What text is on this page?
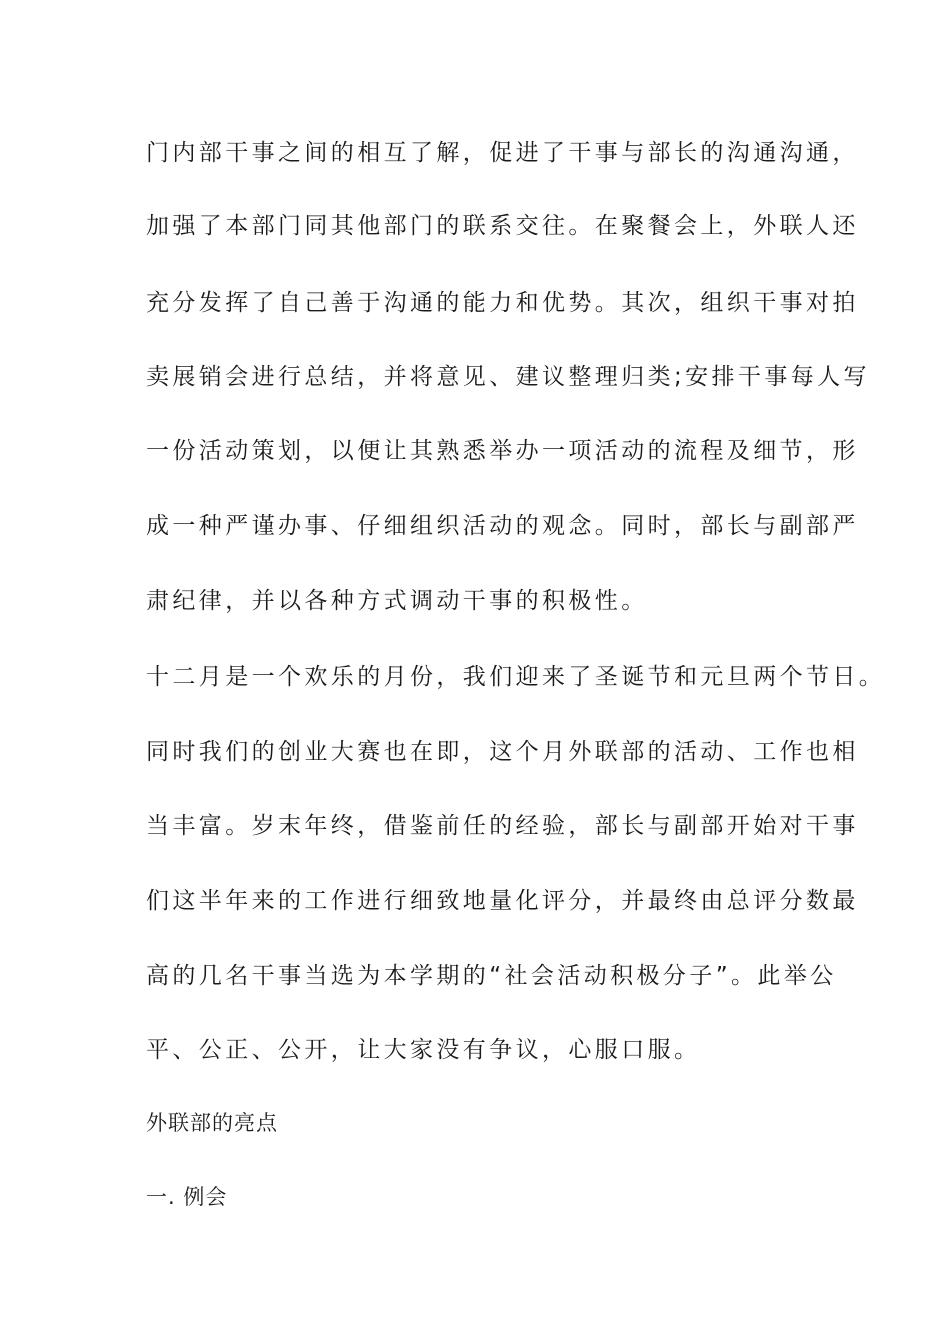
门内部干事之间的相互了解，促进了干事与部长的沟通沟通，
加强了本部门同其他部门的联系交往。在聚餐会上，外联人还
充分发挥了自己善于沟通的能力和优势。其次，组织干事对拍
卖展销会进行总结，并将意见、建议整理归类;安排干事每人写
一份活动策划，以便让其熟悉举办一项活动的流程及细节，形
成一种严谨办事、仔细组织活动的观念。同时，部长与副部严
肃纪律，并以各种方式调动干事的积极性。
十二月是一个欢乐的月份，我们迎来了圣诞节和元旦两个节日。
同时我们的创业大赛也在即，这个月外联部的活动、工作也相
当丰富。岁末年终，借鉴前任的经验，部长与副部开始对干事
们这半年来的工作进行细致地量化评分，并最终由总评分数最
高的几名干事当选为本学期的“社会活动积极分子”。此举公
平、公正、公开，让大家没有争议，心服口服。
外联部的亮点
一. 例会
